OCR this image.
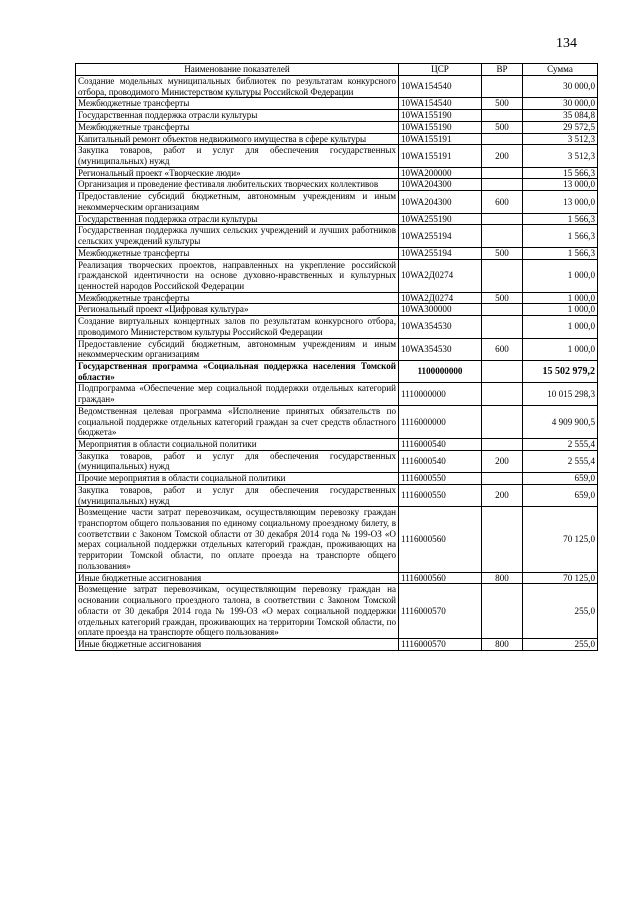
134
Наименование показателей	ЦСР	ВР	Сумма
Создание модельных муниципальных библиотек по результатам конкурсного отбора, проводимого Министерством культуры Российской Федерации	10WA154540		30 000,0
Межбюджетные трансферты	10WA154540	500	30 000,0
Государственная поддержка отрасли культуры	10WA155190		35 084,8
Межбюджетные трансферты	10WA155190	500	29 572,5
Капитальный ремонт объектов недвижимого имущества в сфере культуры	10WA155191		3 512,3
Закупка товаров, работ и услуг для обеспечения государственных (муниципальных) нужд	10WA155191	200	3 512,3
Региональный проект «Творческие люди»	10WA200000		15 566,3
Организация и проведение фестиваля любительских творческих коллективов	10WA204300		13 000,0
Предоставление субсидий бюджетным, автономным учреждениям и иным некоммерческим организациям	10WA204300	600	13 000,0
Государственная поддержка отрасли культуры	10WA255190		1 566,3
Государственная поддержка лучших сельских учреждений и лучших работников сельских учреждений культуры	10WA255194		1 566,3
Межбюджетные трансферты	10WA255194	500	1 566,3
Реализация творческих проектов, направленных на укрепление российской гражданской идентичности на основе духовно-нравственных и культурных ценностей народов Российской Федерации	10WA2Д0274		1 000,0
Межбюджетные трансферты	10WA2Д0274	500	1 000,0
Региональный проект «Цифровая культура»	10WA300000		1 000,0
Создание виртуальных концертных залов по результатам конкурсного отбора, проводимого Министерством культуры Российской Федерации	10WA354530		1 000,0
Предоставление субсидий бюджетным, автономным учреждениям и иным некоммерческим организациям	10WA354530	600	1 000,0
Государственная программа «Социальная поддержка населения Томской области»	1100000000		15 502 979,2
Подпрограмма «Обеспечение мер социальной поддержки отдельных категорий граждан»	1110000000		10 015 298,3
Ведомственная целевая программа «Исполнение принятых обязательств по социальной поддержке отдельных категорий граждан за счет средств областного бюджета»	1116000000		4 909 900,5
Мероприятия в области социальной политики	1116000540		2 555,4
Закупка товаров, работ и услуг для обеспечения государственных (муниципальных) нужд	1116000540	200	2 555,4
Прочие мероприятия в области социальной политики	1116000550		659,0
Закупка товаров, работ и услуг для обеспечения государственных (муниципальных) нужд	1116000550	200	659,0
Возмещение части затрат перевозчикам, осуществляющим перевозку граждан транспортом общего пользования по единому социальному проездному билету, в соответствии с Законом Томской области от 30 декабря 2014 года № 199-ОЗ «О мерах социальной поддержки отдельных категорий граждан, проживающих на территории Томской области, по оплате проезда на транспорте общего пользования»	1116000560		70 125,0
Иные бюджетные ассигнования	1116000560	800	70 125,0
Возмещение затрат перевозчикам, осуществляющим перевозку граждан на основании социального проездного талона, в соответствии с Законом Томской области от 30 декабря 2014 года № 199-ОЗ «О мерах социальной поддержки отдельных категорий граждан, проживающих на территории Томской области, по оплате проезда на транспорте общего пользования»	1116000570		255,0
Иные бюджетные ассигнования	1116000570	800	255,0
